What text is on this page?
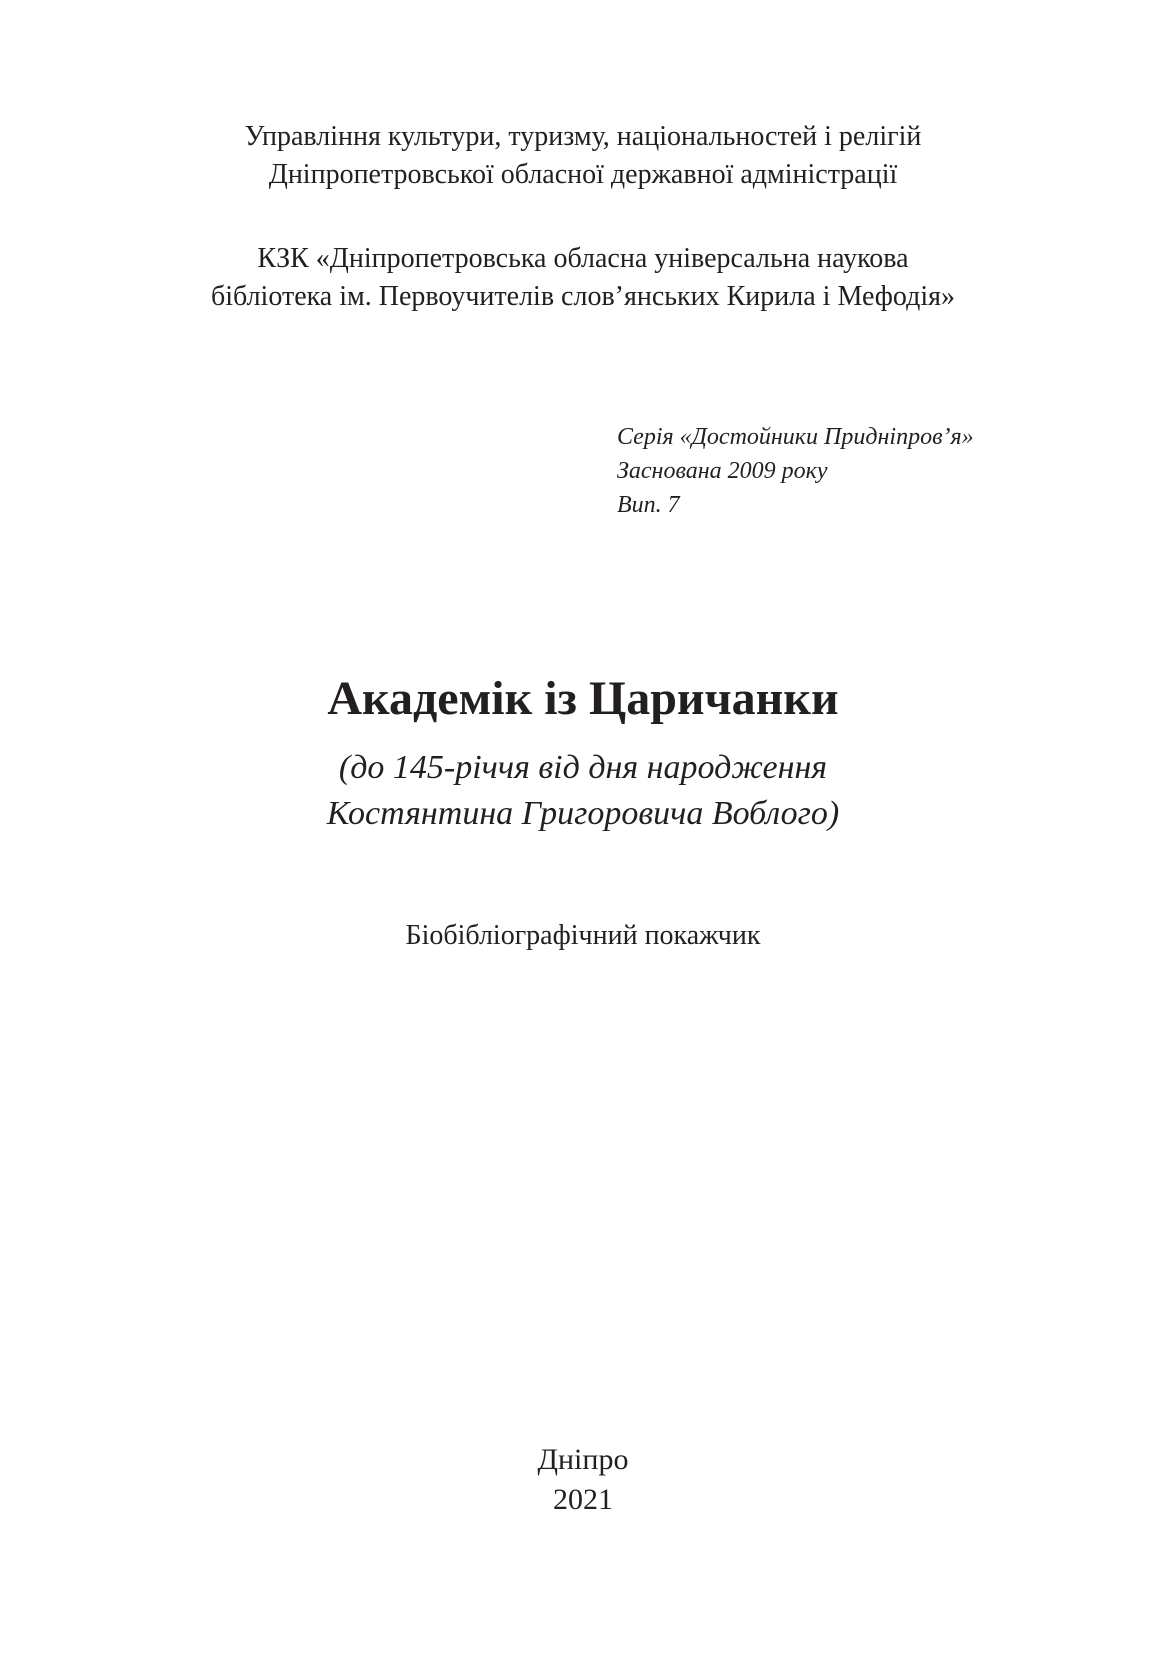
Управління культури, туризму, національностей і релігій
Дніпропетровської обласної державної адміністрації
КЗК «Дніпропетровська обласна універсальна наукова
бібліотека ім. Первоучителів слов’янських Кирила і Мефодія»
Серія «Достойники Придніпров’я»
Заснована 2009 року
Вип. 7
Академік із Царичанки
(до 145-річчя від дня народження
Костянтина Григоровича Воблого)
Біобібліографічний покажчик
Дніпро
2021
